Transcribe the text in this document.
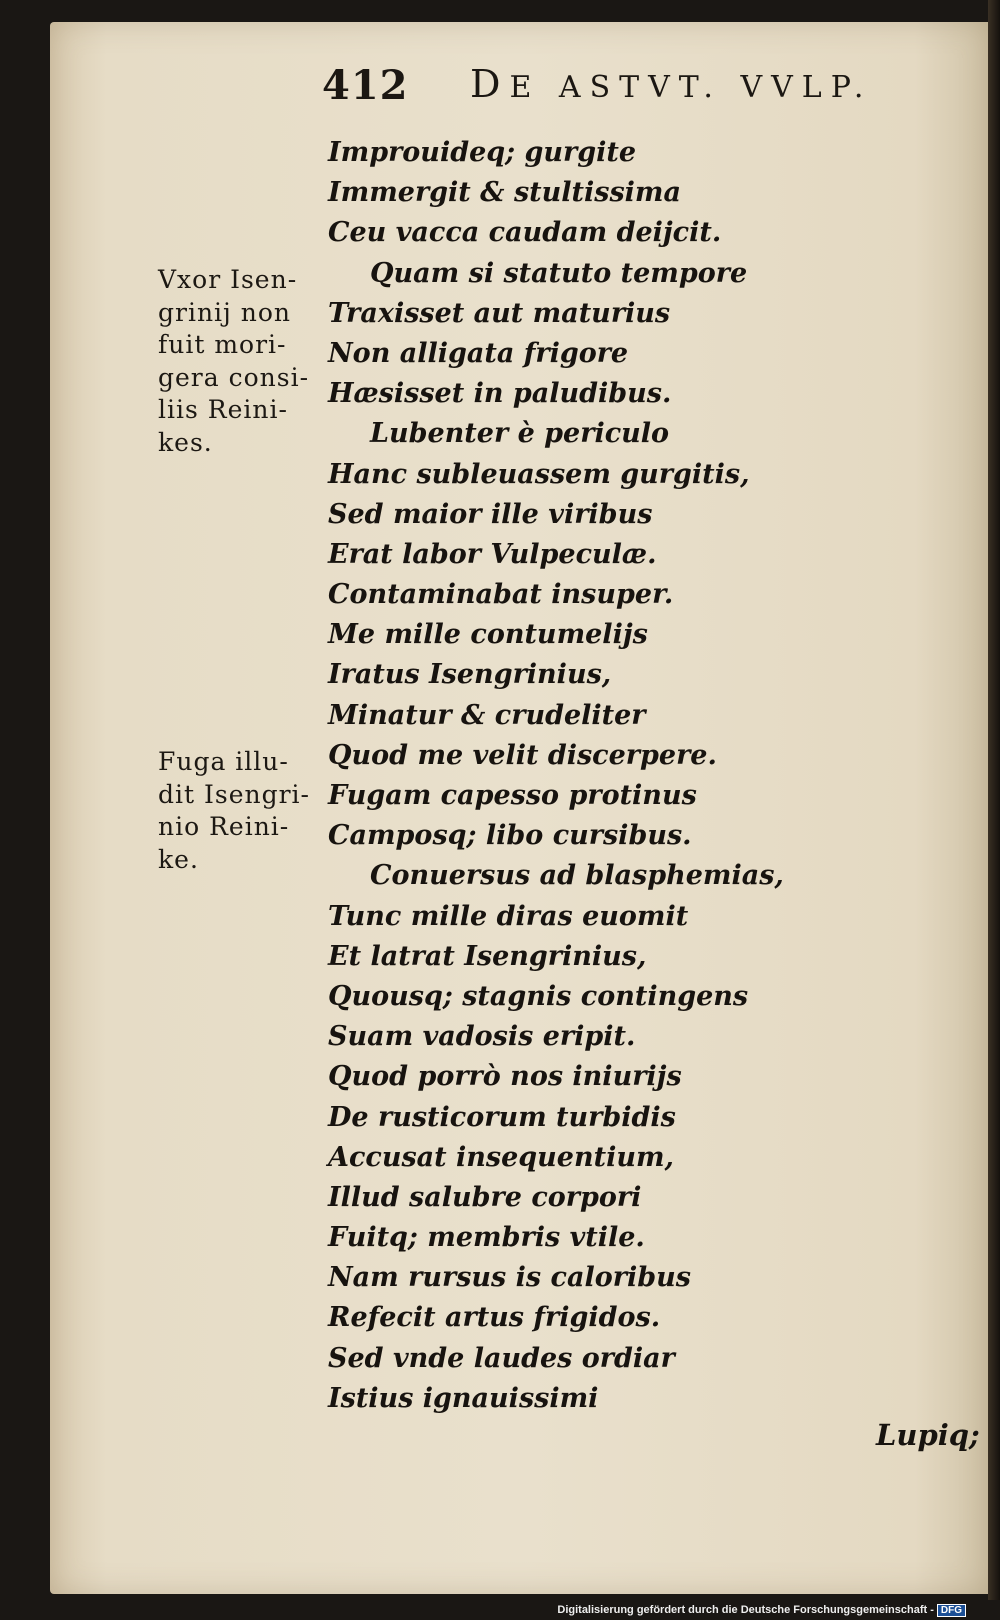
412 DE ASTVT. VVLP.
Improuideq; gurgite
Immergit & stultissima
Ceu vacca caudam deijcit.
Quam si statuto tempore
Traxisset aut maturius
Non alligata frigore
Hæsisset in paludibus.
Lubenter è periculo
Hanc subleuassem gurgitis,
Sed maior ille viribus
Erat labor Vulpeculæ.
Contaminabat insuper.
Me mille contumelijs
Iratus Isengrinius,
Minatur & crudeliter
Quod me velit discerpere.
Fugam capesso protinus
Camposq; libo cursibus.
Conuersus ad blasphemias,
Tunc mille diras euomit
Et latrat Isengrinius,
Quousq; stagnis contingens
Suam vadosis eripit.
Quod porrò nos iniurijs
De rusticorum turbidis
Accusat insequentium,
Illud salubre corpori
Fuitq; membris vtile.
Nam rursus is caloribus
Refecit artus frigidos.
Sed vnde laudes ordiar
Istius ignauissimi
Vxor Isen-
grinij non
fuit mori-
gera consi-
liis Reini-
kes.
Fuga illu-
dit Isengri-
nio Reini-
ke.
Lupiq;
Digitalisierung gefördert durch die Deutsche Forschungsgemeinschaft - DFG
